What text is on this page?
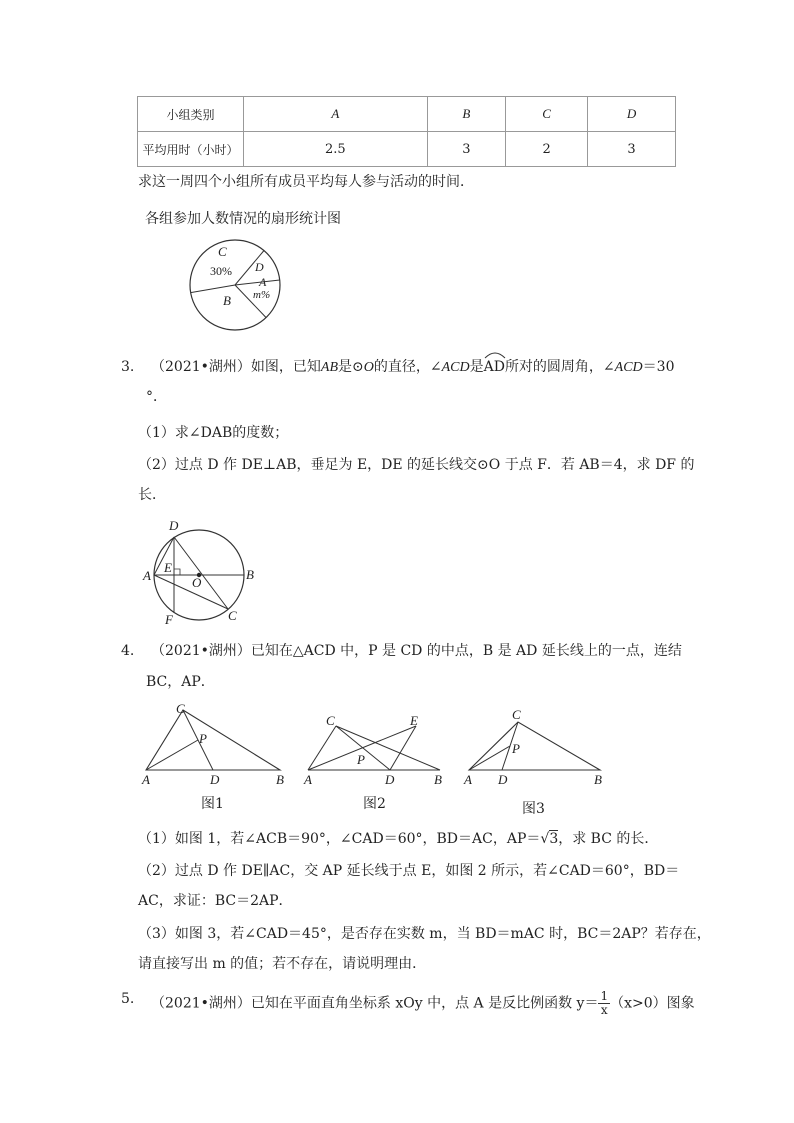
小组类别	A	B	C	D
平均用时（小时）	2.5	3	2	3
求这一周四个小组所有成员平均每人参与活动的时间．
各组参加人数情况的扇形统计图
C
30% D
A
m%
B
3. （2021•湖州）如图，已知AB是⊙O的直径，∠ACD是
AD所对的圆周角，∠ACD＝30
°．
（1）求∠DAB的度数；
（2）过点 D 作 DE⊥AB，垂足为 E，DE 的延长线交⊙O 于点 F．若 AB＝4，求 DF 的
长．
D
A
E
O
B
F	C
4. （2021•湖州）已知在△ACD 中，P 是 CD 的中点，B 是 AD 延长线上的一点，连结
BC，AP．
C
P
A	D	B
图1
C	E
P
A	D	B
图2
C
P
A D	B
图3
（1）如图 1，若∠ACB＝90°，∠CAD＝60°，BD＝AC，AP＝√3，求 BC 的长．
（2）过点 D 作 DE∥AC，交 AP 延长线于点 E，如图 2 所示，若∠CAD＝60°，BD＝
AC，求证：BC＝2AP．
（3）如图 3，若∠CAD＝45°，是否存在实数 m，当 BD＝mAC 时，BC＝2AP？若存在，
请直接写出 m 的值；若不存在，请说明理由．
5. （2021•湖州）已知在平面直角坐标系 xOy 中，点 A 是反比例函数 $y= \frac{1}{x} (x>0)$图象
